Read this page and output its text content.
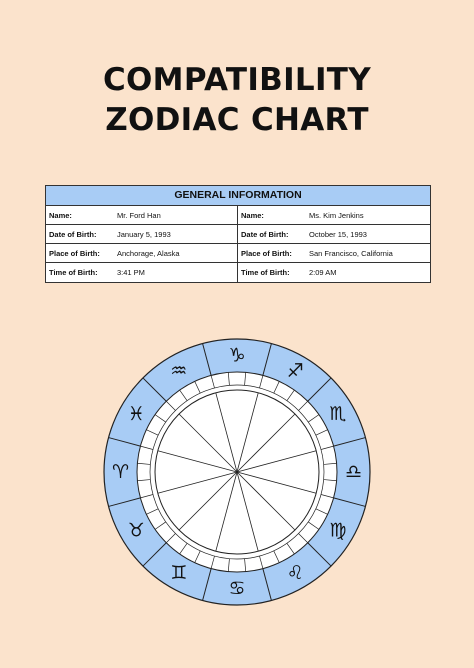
COMPATIBILITY
ZODIAC CHART
GENERAL INFORMATION
Name:	Mr. Ford Han	Name:	Ms. Kim Jenkins
Date of Birth:	January 5, 1993	Date of Birth:	October 15, 1993
Place of Birth:	Anchorage, Alaska	Place of Birth:	San Francisco, California
Time of Birth:	3:41 PM	Time of Birth:	2:09 AM
♑
♐
♏
♎
♍
♌
♋
♊
♉
♈
♓
♒
